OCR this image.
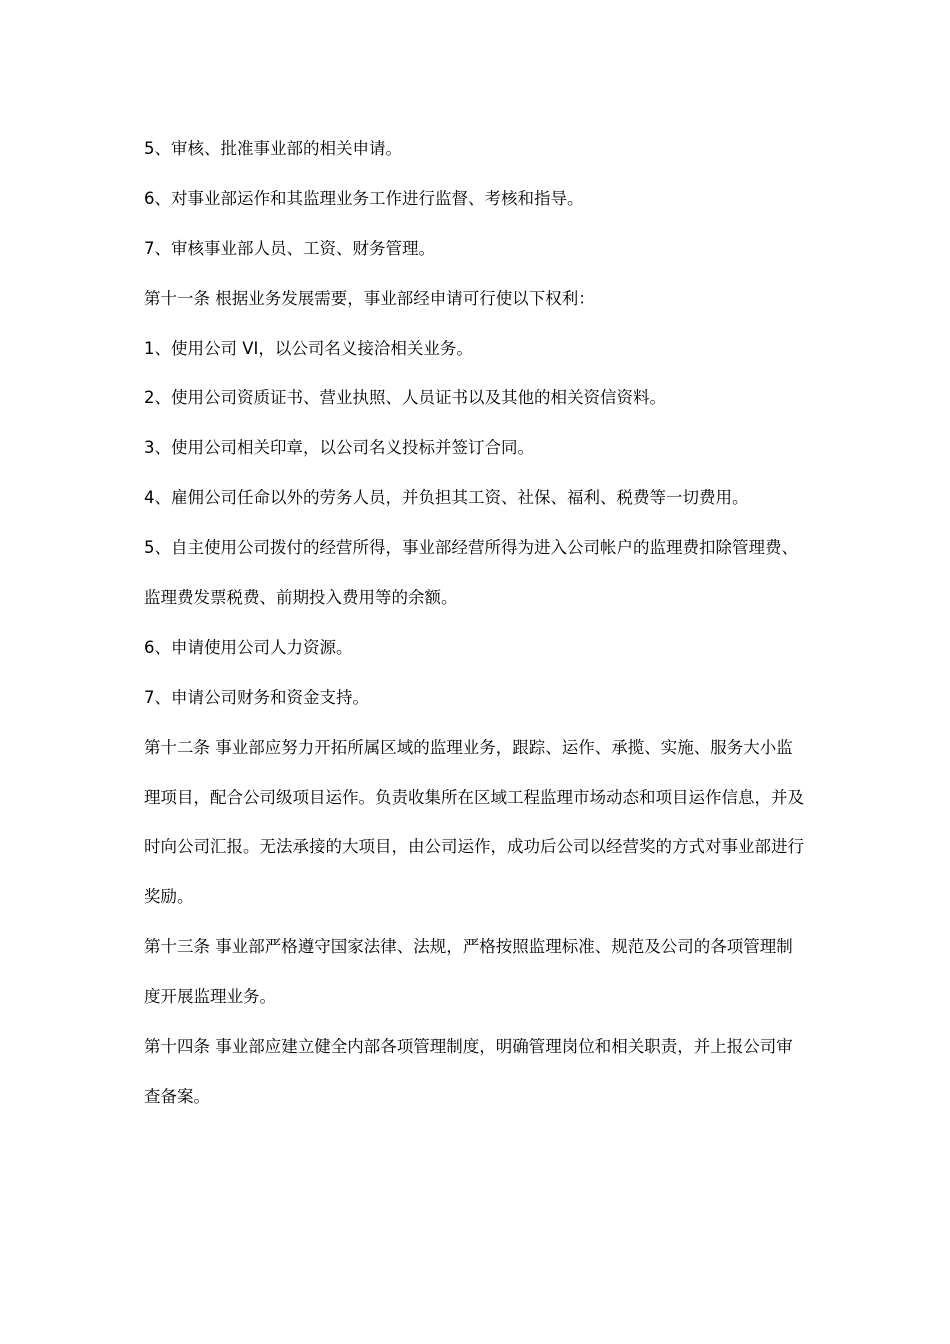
5、审核、批准事业部的相关申请。
6、对事业部运作和其监理业务工作进行监督、考核和指导。
7、审核事业部人员、工资、财务管理。
第十一条 根据业务发展需要，事业部经申请可行使以下权利：
1、使用公司 VI，以公司名义接洽相关业务。
2、使用公司资质证书、营业执照、人员证书以及其他的相关资信资料。
3、使用公司相关印章，以公司名义投标并签订合同。
4、雇佣公司任命以外的劳务人员，并负担其工资、社保、福利、税费等一切费用。
5、自主使用公司拨付的经营所得，事业部经营所得为进入公司帐户的监理费扣除管理费、
监理费发票税费、前期投入费用等的余额。
6、申请使用公司人力资源。
7、申请公司财务和资金支持。
第十二条 事业部应努力开拓所属区域的监理业务，跟踪、运作、承揽、实施、服务大小监
理项目，配合公司级项目运作。负责收集所在区域工程监理市场动态和项目运作信息，并及
时向公司汇报。无法承接的大项目，由公司运作，成功后公司以经营奖的方式对事业部进行
奖励。
第十三条 事业部严格遵守国家法律、法规，严格按照监理标准、规范及公司的各项管理制
度开展监理业务。
第十四条 事业部应建立健全内部各项管理制度，明确管理岗位和相关职责，并上报公司审
查备案。
